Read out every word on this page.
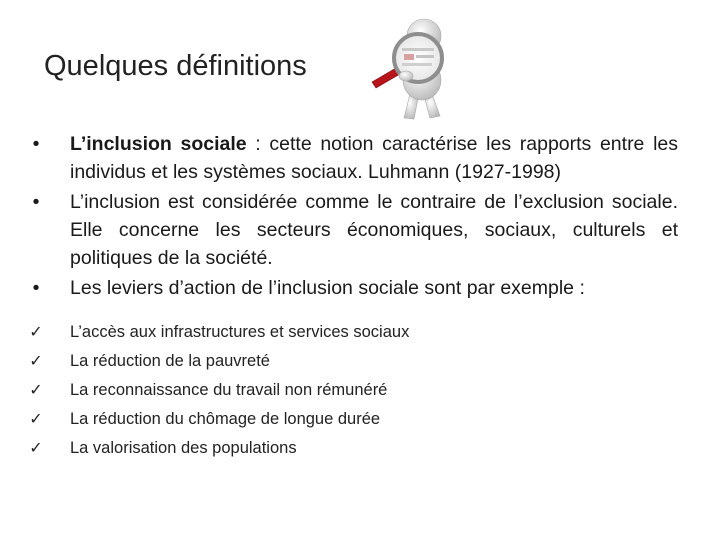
Quelques définitions
• L’inclusion sociale : cette notion caractérise les rapports entre les individus et les systèmes sociaux. Luhmann (1927-1998)
• L’inclusion est considérée comme le contraire de l’exclusion sociale. Elle concerne les secteurs économiques, sociaux, culturels et politiques de la société.
• Les leviers d’action de l’inclusion sociale sont par exemple :
✓ L’accès aux infrastructures et services sociaux
✓ La réduction de la pauvreté
✓ La reconnaissance du travail non rémunéré
✓ La réduction du chômage de longue durée
✓ La valorisation des populations
